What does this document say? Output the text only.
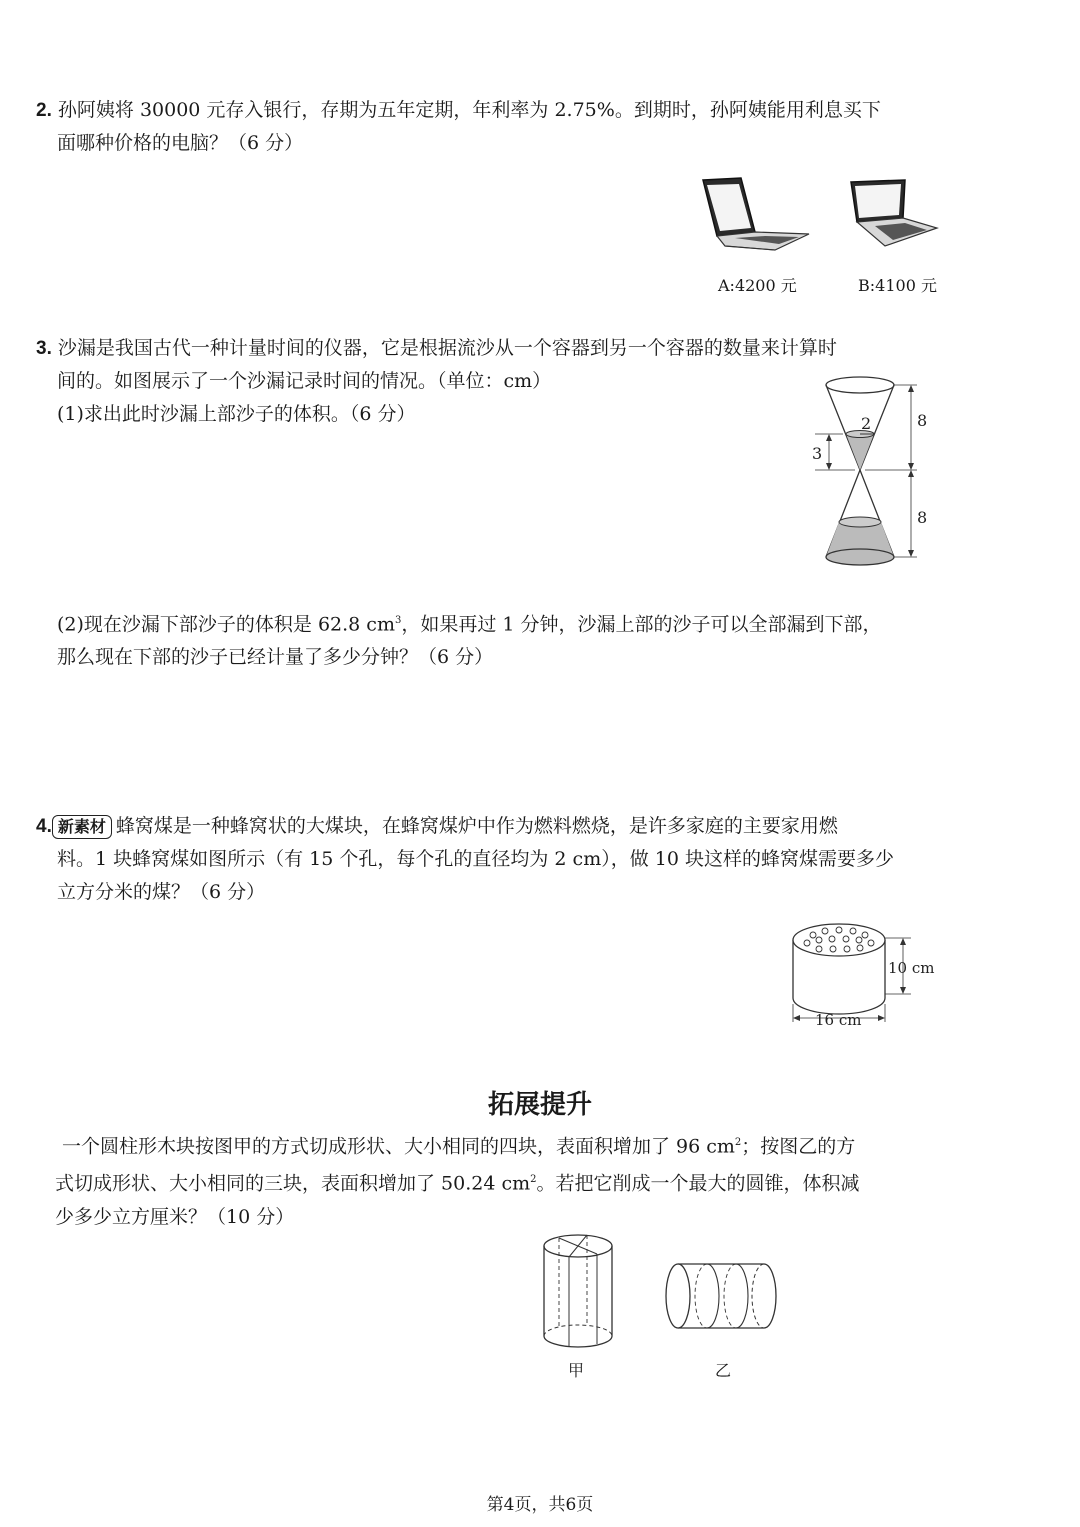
2. 孙阿姨将 30000 元存入银行，存期为五年定期，年利率为 2.75%。到期时，孙阿姨能用利息买下
面哪种价格的电脑？（6 分）
A:4200 元	B:4100 元
3. 沙漏是我国古代一种计量时间的仪器，它是根据流沙从一个容器到另一个容器的数量来计算时
间的。如图展示了一个沙漏记录时间的情况。（单位：cm）
(1)求出此时沙漏上部沙子的体积。（6 分）	2
3
8
8
(2)现在沙漏下部沙子的体积是 62.8 $cm^3$，如果再过 1 分钟，沙漏上部的沙子可以全部漏到下部，
那么现在下部的沙子已经计量了多少分钟？（6 分）
4. 新素材 蜂窝煤是一种蜂窝状的大煤块，在蜂窝煤炉中作为燃料燃烧，是许多家庭的主要家用燃
料。1 块蜂窝煤如图所示（有 15 个孔，每个孔的直径均为 2 cm），做 10 块这样的蜂窝煤需要多少
立方分米的煤？（6 分）
10 cm
16 cm
拓展提升
一个圆柱形木块按图甲的方式切成形状、大小相同的四块，表面积增加了 96 $cm^2$；按图乙的方
式切成形状、大小相同的三块，表面积增加了 50.24 $cm^2$。若把它削成一个最大的圆锥，体积减
少多少立方厘米？（10 分）
甲	乙
第4页，共6页
